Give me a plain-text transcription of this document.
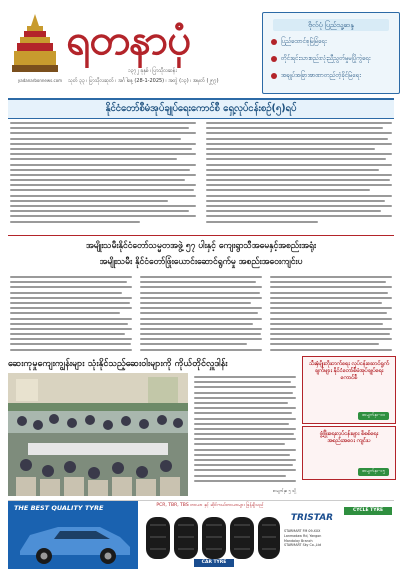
yadanarbonnews.com
ရတနာပုံ
၁၃၇၂ ခုနှစ် ၊ ပြာသိုလဆန်း
သုတ် ၃၃ ၊ ပြာသိုလဆုတ် ၊ အင်္ဂါနေ့ (28-1-2025) ၊ အတွဲ (၁၃) ၊ အမှတ် (၂၅၇)
ဗိုလ်ပုံ ပြည်သူ့ဆန္ဒ
ပြည်ထောင်စုမြဲမြံရေး
တိုင်းရင်းသားစည်းလုံးညီညွတ်မှုမပြိုကွဲရေး
အချုပ်အခြာအာဏာတည်တံ့ခိုင်မြဲရေး
နိုင်ငံတော်စီမံအုပ်ချုပ်ရေးကောင်စီ ရှေ့လုပ်ငန်းစဉ်(၅)ရပ်
အမျိုးသမီးနိုင်ငံတော်သမ္မတအဖွဲ့ ၅၇ ပါးနှင့် ကျေးရွာသီအမေနှင့်အစည်းအရုံး
အမျိုးသမီး နိုင်ငံတော်ဖြုံးယောင်းဆောင်ရွက်မှု အစည်းအဝေးကျင်းပ
ဆေးကုမှုကျေးကျွန်းများ သုံးနိုင်သည့်ဆေးဝါးများကို ကိုယ်တိုင်လှူဒါန်း
စာမျက်နှာ ၅ သို့
သီးနှံမျိုးတိုးတက်ရေး လုပ်ငန်းဆောင်ရွက်ချက်များ နိုင်ငံတော်စီမံအုပ်ချုပ်ရေးကောင်စီ
စာမျက်နှာ-၁၀
ဖွံ့ဖြိုးရေးလုပ်ငန်းများ စိစစ်ရေးအစည်းအဝေး ကျင်းပ
စာမျက်နှာ-၁၅
THE BEST QUALITY TYRE	PCR, TBR, TBS တာယာ နှင့် ဆိုင်ကယ်တာယာများ ဖြန့်ချိသည်
CAR TYRE
TRISTAR
CYCLE TYRE
STARMART FM 09-XXX
Lanmadaw Rd, Yangon
Mandalay Branch
STARMART Sky Co.,Ltd
